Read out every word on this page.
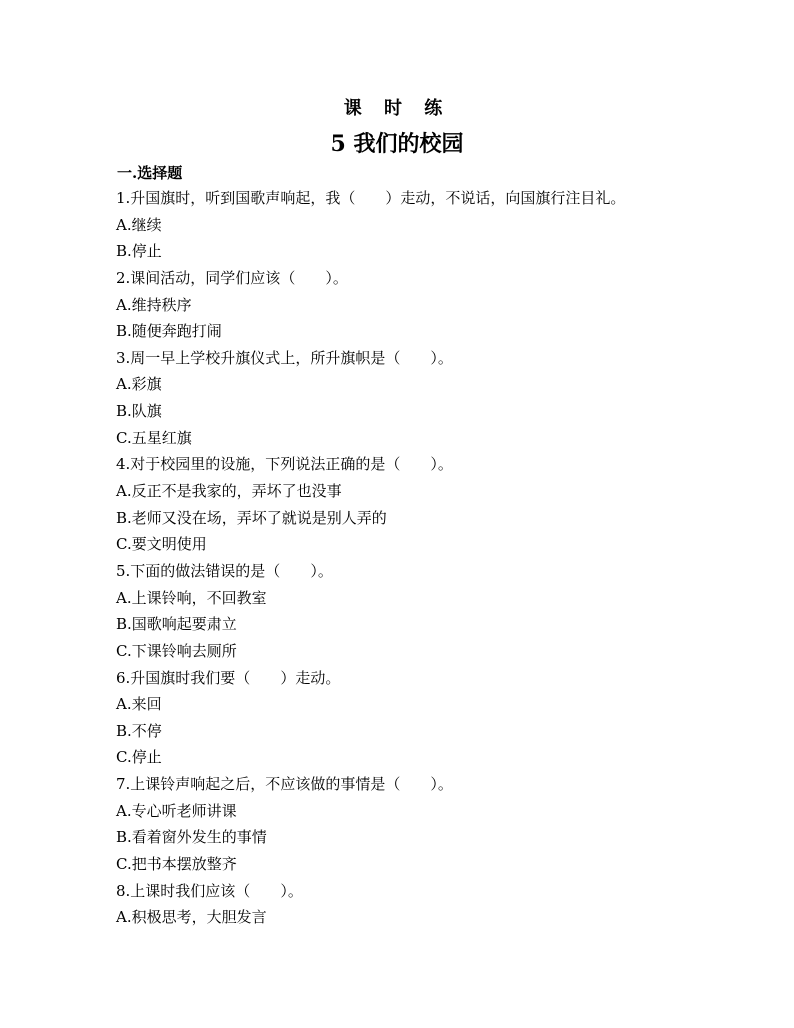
课 时 练
5 我们的校园
一.选择题
1.升国旗时，听到国歌声响起，我（　　）走动，不说话，向国旗行注目礼。
A.继续
B.停止
2.课间活动，同学们应该（　　）。
A.维持秩序
B.随便奔跑打闹
3.周一早上学校升旗仪式上，所升旗帜是（　　）。
A.彩旗
B.队旗
C.五星红旗
4.对于校园里的设施，下列说法正确的是（　　）。
A.反正不是我家的，弄坏了也没事
B.老师又没在场，弄坏了就说是别人弄的
C.要文明使用
5.下面的做法错误的是（　　）。
A.上课铃响，不回教室
B.国歌响起要肃立
C.下课铃响去厕所
6.升国旗时我们要（　　）走动。
A.来回
B.不停
C.停止
7.上课铃声响起之后，不应该做的事情是（　　）。
A.专心听老师讲课
B.看着窗外发生的事情
C.把书本摆放整齐
8.上课时我们应该（　　）。
A.积极思考，大胆发言
